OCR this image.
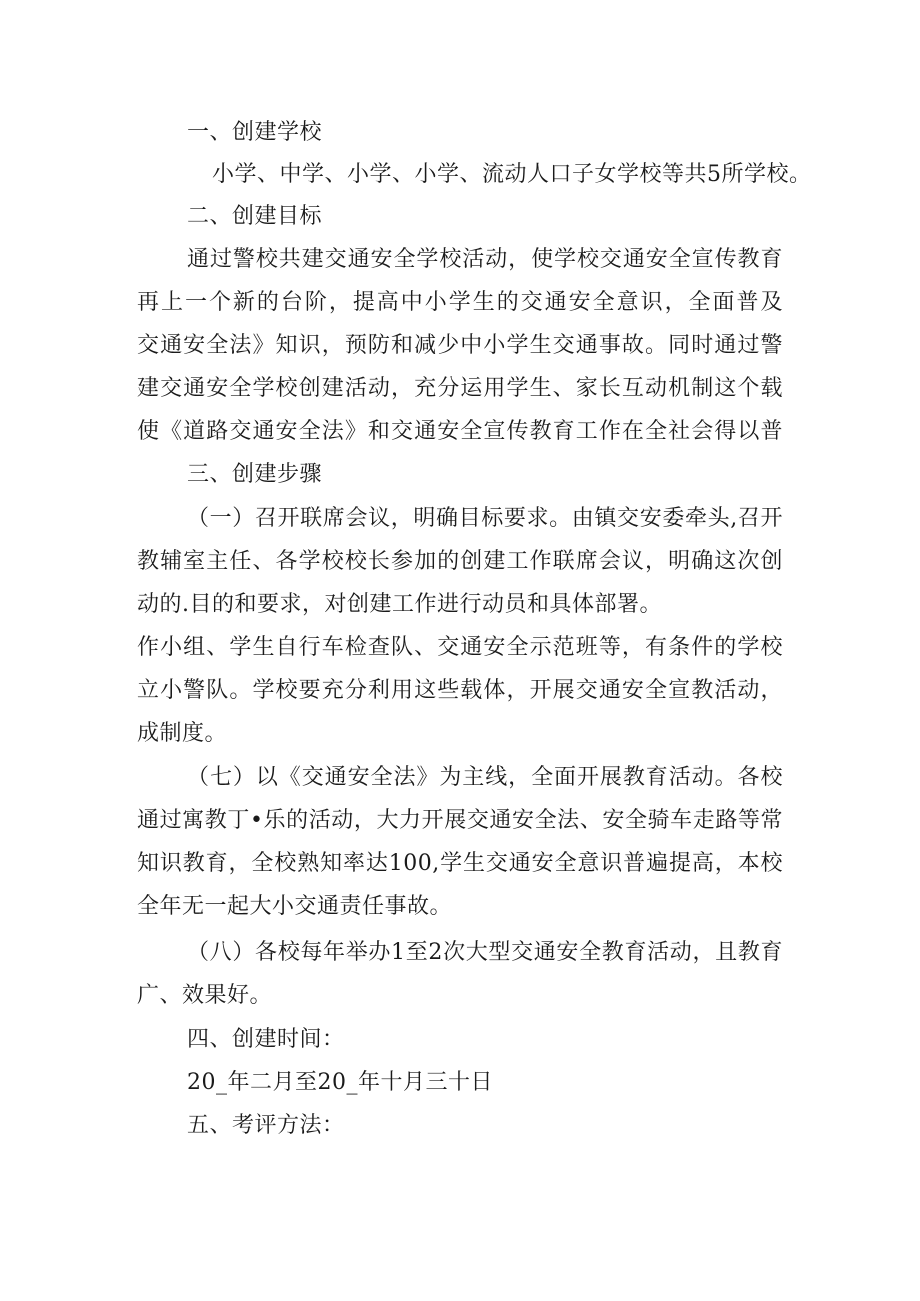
一、创建学校
小学、中学、小学、小学、流动人口子女学校等共5所学校。
二、创建目标
通过警校共建交通安全学校活动，使学校交通安全宣传教育
再上一个新的台阶，提高中小学生的交通安全意识，全面普及
交通安全法》知识，预防和减少中小学生交通事故。同时通过警
建交通安全学校创建活动，充分运用学生、家长互动机制这个载
使《道路交通安全法》和交通安全宣传教育工作在全社会得以普
三、创建步骤
（一）召开联席会议，明确目标要求。由镇交安委牵头,召开
教辅室主任、各学校校长参加的创建工作联席会议，明确这次创
动的.目的和要求，对创建工作进行动员和具体部署。
作小组、学生自行车检查队、交通安全示范班等，有条件的学校
立小警队。学校要充分利用这些载体，开展交通安全宣教活动，
成制度。
（七）以《交通安全法》为主线，全面开展教育活动。各校
通过寓教丁•乐的活动，大力开展交通安全法、安全骑车走路等常
知识教育，全校熟知率达100,学生交通安全意识普遍提高，本校
全年无一起大小交通责任事故。
（八）各校每年举办1至2次大型交通安全教育活动，且教育
广、效果好。
四、创建时间：
20_年二月至20_年十月三十日
五、考评方法：
